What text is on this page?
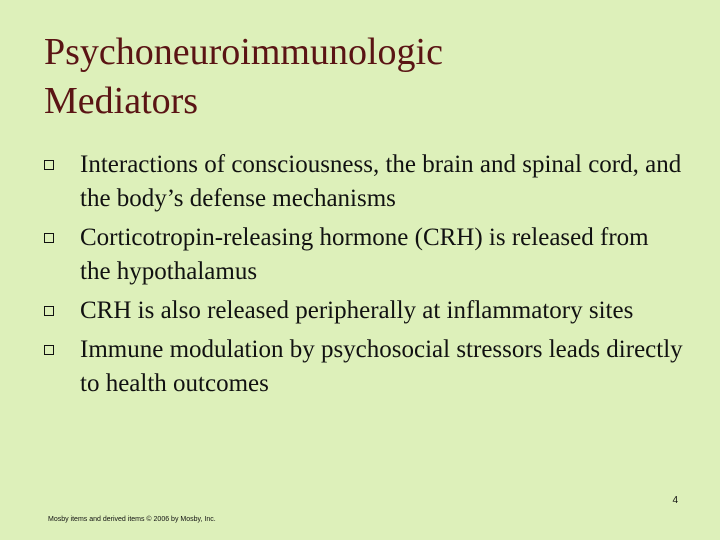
Psychoneuroimmunologic
Mediators
Interactions of consciousness, the brain and spinal cord, and the body’s defense mechanisms
Corticotropin-releasing hormone (CRH) is released from the hypothalamus
CRH is also released peripherally at inflammatory sites
Immune modulation by psychosocial stressors leads directly to health outcomes
4
Mosby items and derived items © 2006 by Mosby, Inc.
